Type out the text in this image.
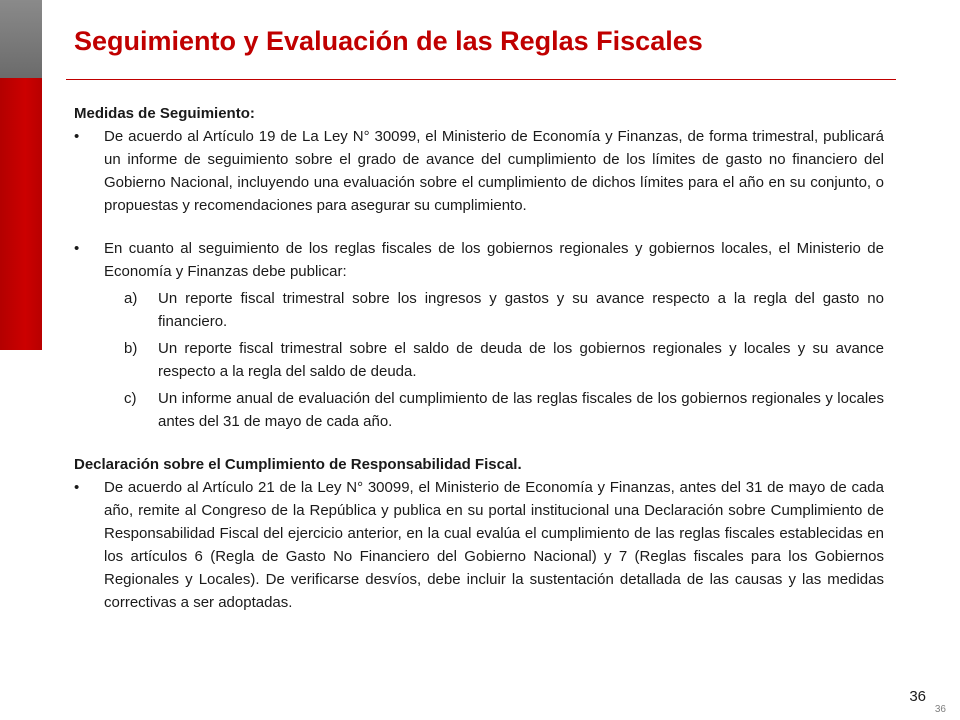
Seguimiento y Evaluación de las Reglas Fiscales

Medidas de Seguimiento:

•	De acuerdo al Artículo 19 de La Ley N° 30099, el Ministerio de Economía y Finanzas, de forma trimestral, publicará un informe de seguimiento sobre el grado de avance del cumplimiento de los límites de gasto no financiero del Gobierno Nacional, incluyendo una evaluación sobre el cumplimiento de dichos límites para el año en su conjunto, o propuestas y recomendaciones para asegurar su cumplimiento.

•	En cuanto al seguimiento de los reglas fiscales de los gobiernos regionales y gobiernos locales, el Ministerio de Economía y Finanzas debe publicar:

a) Un reporte fiscal trimestral sobre los ingresos y gastos y su avance respecto a la regla del gasto no financiero.

b) Un reporte fiscal trimestral sobre el saldo de deuda de los gobiernos regionales y locales y su avance respecto a la regla del saldo de deuda.

c) Un informe anual de evaluación del cumplimiento de las reglas fiscales de los gobiernos regionales y locales antes del 31 de mayo de cada año.

Declaración sobre el Cumplimiento de Responsabilidad Fiscal.

•	De acuerdo al Artículo 21 de la Ley N° 30099, el Ministerio de Economía y Finanzas, antes del 31 de mayo de cada año, remite al Congreso de la República y publica en su portal institucional una Declaración sobre Cumplimiento de Responsabilidad Fiscal del ejercicio anterior, en la cual evalúa el cumplimiento de las reglas fiscales establecidas en los artículos 6 (Regla de Gasto No Financiero del Gobierno Nacional) y 7 (Reglas fiscales para los Gobiernos Regionales y Locales). De verificarse desvíos, debe incluir la sustentación detallada de las causas y las medidas correctivas a ser adoptadas.

36
36
